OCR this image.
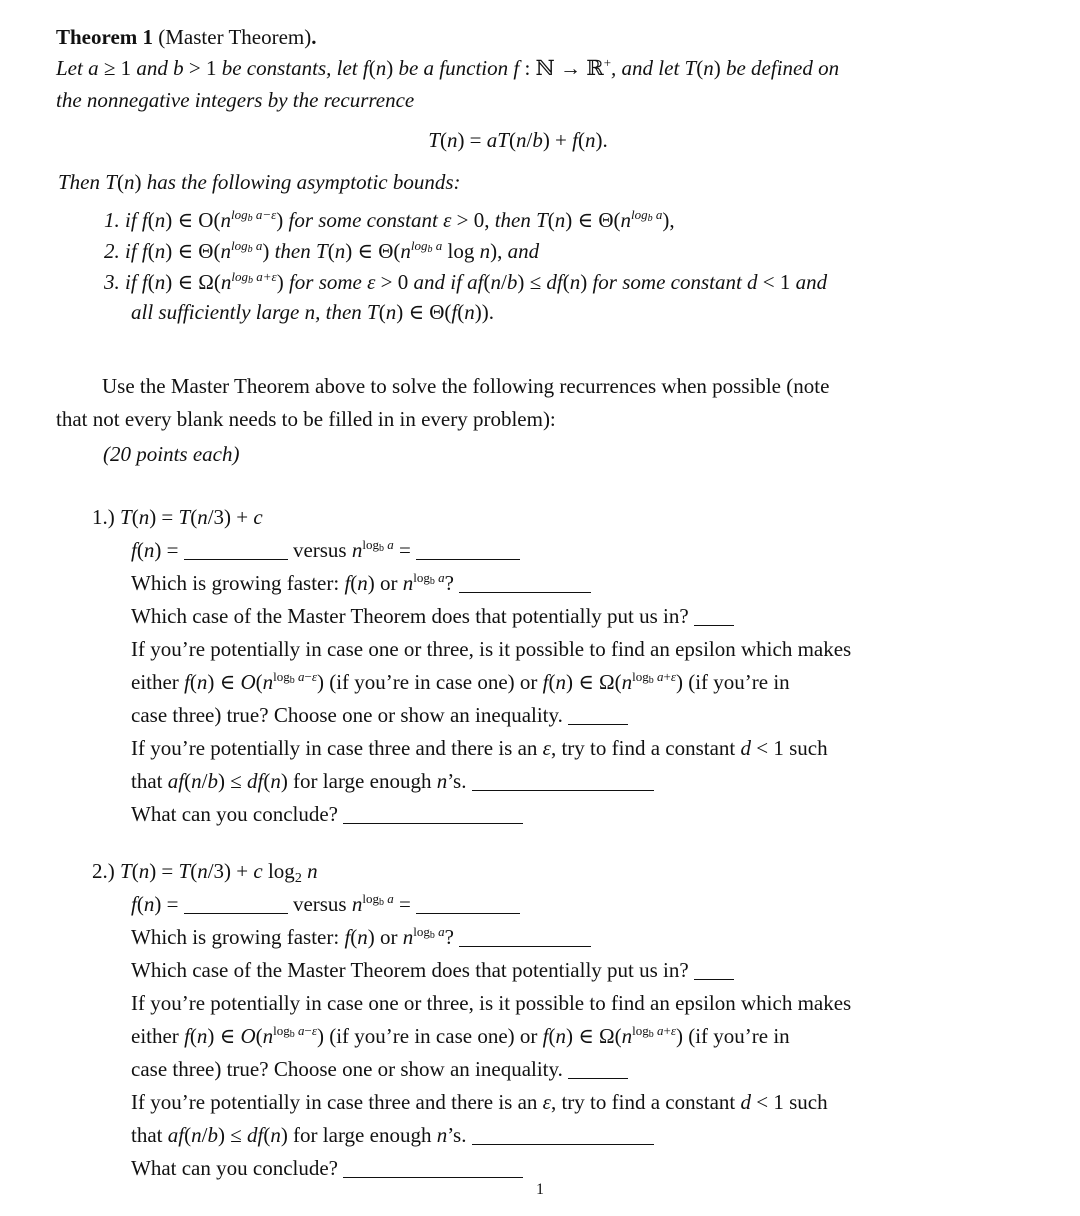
Theorem 1 (Master Theorem).
Let a ≥ 1 and b > 1 be constants, let f(n) be a function f : ℕ → ℝ+, and let T(n) be defined on
the nonnegative integers by the recurrence
T(n) = aT(n/b) + f(n).
Then T(n) has the following asymptotic bounds:
1. if f(n) ∈ $O(n^{log_b a-\varepsilon})$ for some constant ε > 0, then T(n) ∈ $\Theta(n^{log_b a})$,
2. if f(n) ∈ $\Theta(n^{log_b a})$ then T(n) ∈ $\Theta(n^{log_b a}$ log n), and
3. if f(n) ∈ $\Omega(n^{log_b a+\varepsilon})$ for some ε > 0 and if af(n/b) ≤ df(n) for some constant d < 1 and
all sufficiently large n, then T(n) ∈ Θ(f(n)).
Use the Master Theorem above to solve the following recurrences when possible (note
that not every blank needs to be filled in in every problem):
(20 points each)
1.) T(n) = T(n/3) + c
f(n) =	versus $n^{log_b a}$ =
Which is growing faster: f(n) or $n^{log_b a}$?
Which case of the Master Theorem does that potentially put us in?
If you’re potentially in case one or three, is it possible to find an epsilon which makes
either f(n) ∈ $O(n^{log_b a-\varepsilon})$ (if you’re in case one) or f(n) ∈ $\Omega(n^{log_b a+\varepsilon})$ (if you’re in
case three) true? Choose one or show an inequality.
If you’re potentially in case three and there is an ε, try to find a constant d < 1 such
that af(n/b) ≤ df(n) for large enough n’s.
What can you conclude?
2.) T(n) = T(n/3) + c $\log_2 n$
f(n) =	versus $n^{log_b a}$ =
Which is growing faster: f(n) or $n^{log_b a}$?
Which case of the Master Theorem does that potentially put us in?
If you’re potentially in case one or three, is it possible to find an epsilon which makes
either f(n) ∈ $O(n^{log_b a-\varepsilon})$ (if you’re in case one) or f(n) ∈ $\Omega(n^{log_b a+\varepsilon})$ (if you’re in
case three) true? Choose one or show an inequality.
If you’re potentially in case three and there is an ε, try to find a constant d < 1 such
that af(n/b) ≤ df(n) for large enough n’s.
What can you conclude?
1
